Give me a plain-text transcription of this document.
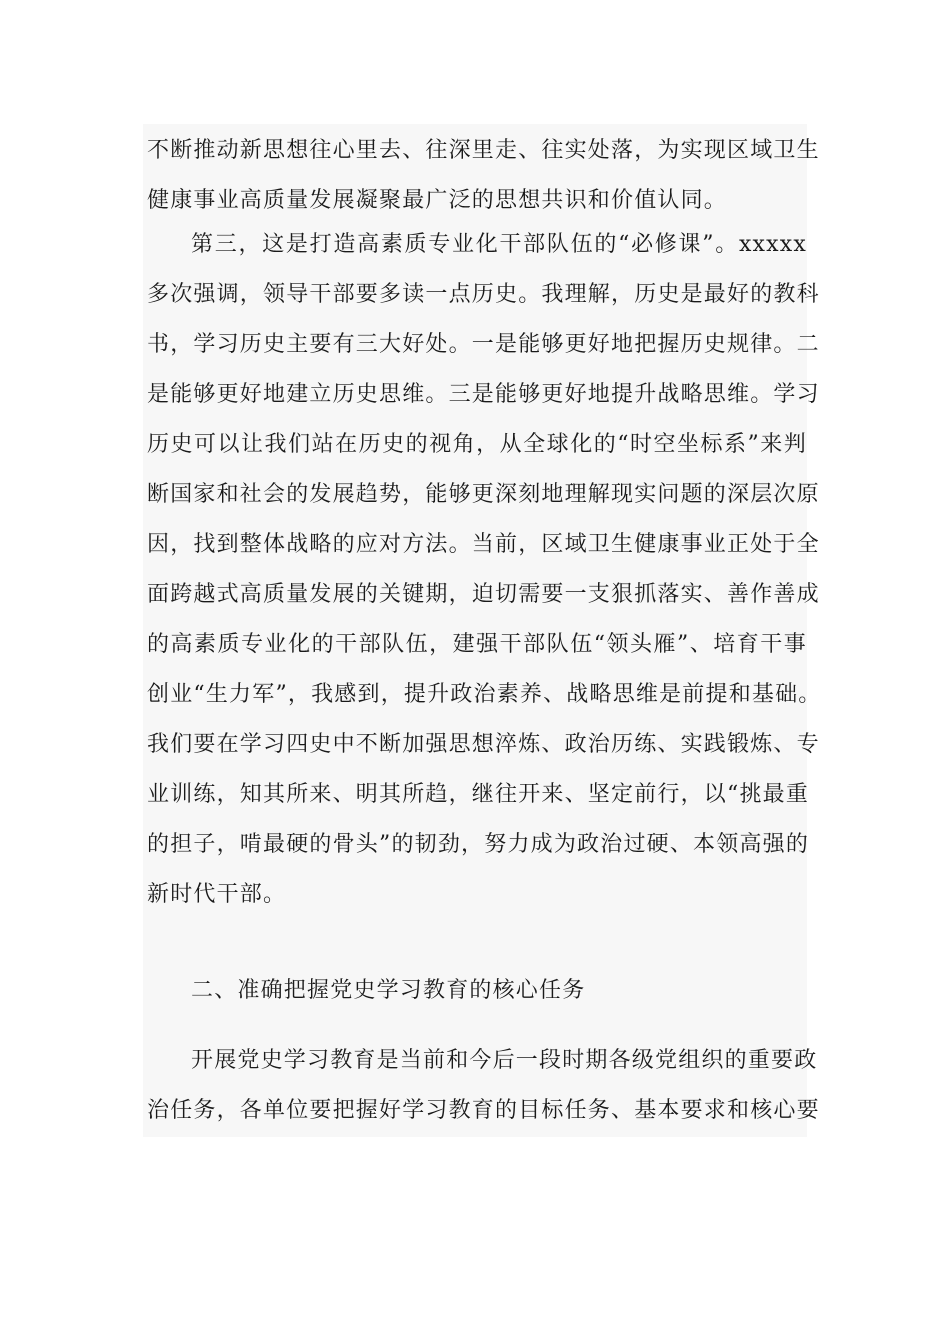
不断推动新思想往心里去、往深里走、往实处落，为实现区域卫生
健康事业高质量发展凝聚最广泛的思想共识和价值认同。
第三，这是打造高素质专业化干部队伍的“必修课”。xxxxx
多次强调，领导干部要多读一点历史。我理解，历史是最好的教科
书，学习历史主要有三大好处。一是能够更好地把握历史规律。二
是能够更好地建立历史思维。三是能够更好地提升战略思维。学习
历史可以让我们站在历史的视角，从全球化的“时空坐标系”来判
断国家和社会的发展趋势，能够更深刻地理解现实问题的深层次原
因，找到整体战略的应对方法。当前，区域卫生健康事业正处于全
面跨越式高质量发展的关键期，迫切需要一支狠抓落实、善作善成
的高素质专业化的干部队伍，建强干部队伍“领头雁”、培育干事
创业“生力军”，我感到，提升政治素养、战略思维是前提和基础。
我们要在学习四史中不断加强思想淬炼、政治历练、实践锻炼、专
业训练，知其所来、明其所趋，继往开来、坚定前行，以“挑最重
的担子，啃最硬的骨头”的韧劲，努力成为政治过硬、本领高强的
新时代干部。
二、准确把握党史学习教育的核心任务
开展党史学习教育是当前和今后一段时期各级党组织的重要政
治任务，各单位要把握好学习教育的目标任务、基本要求和核心要
